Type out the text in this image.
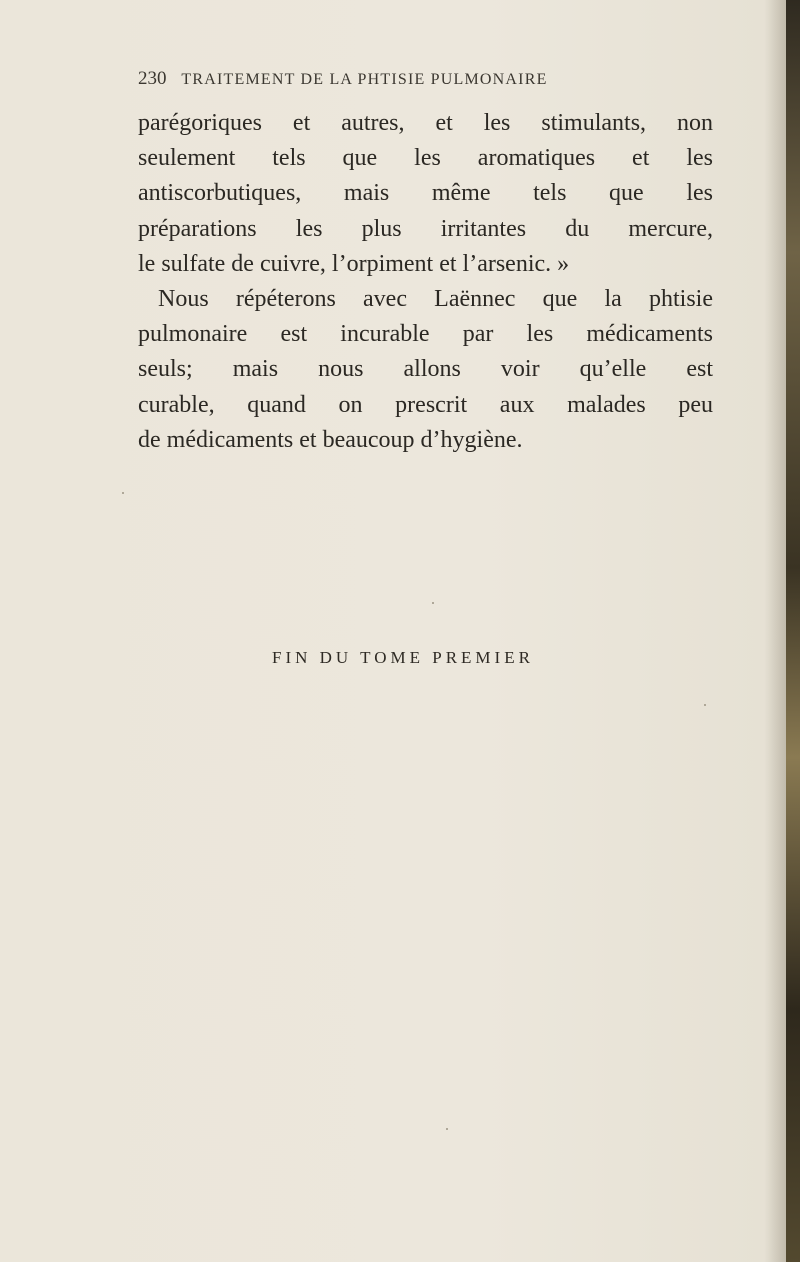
230 TRAITEMENT DE LA PHTISIE PULMONAIRE
parégoriques et autres, et les stimulants, non
seulement tels que les aromatiques et les
antiscorbutiques, mais même tels que les
préparations les plus irritantes du mercure,
le sulfate de cuivre, l’orpiment et l’arsenic. »
Nous répéterons avec Laënnec que la phtisie
pulmonaire est incurable par les médicaments
seuls; mais nous allons voir qu’elle est
curable, quand on prescrit aux malades peu
de médicaments et beaucoup d’hygiène.
FIN DU TOME PREMIER
